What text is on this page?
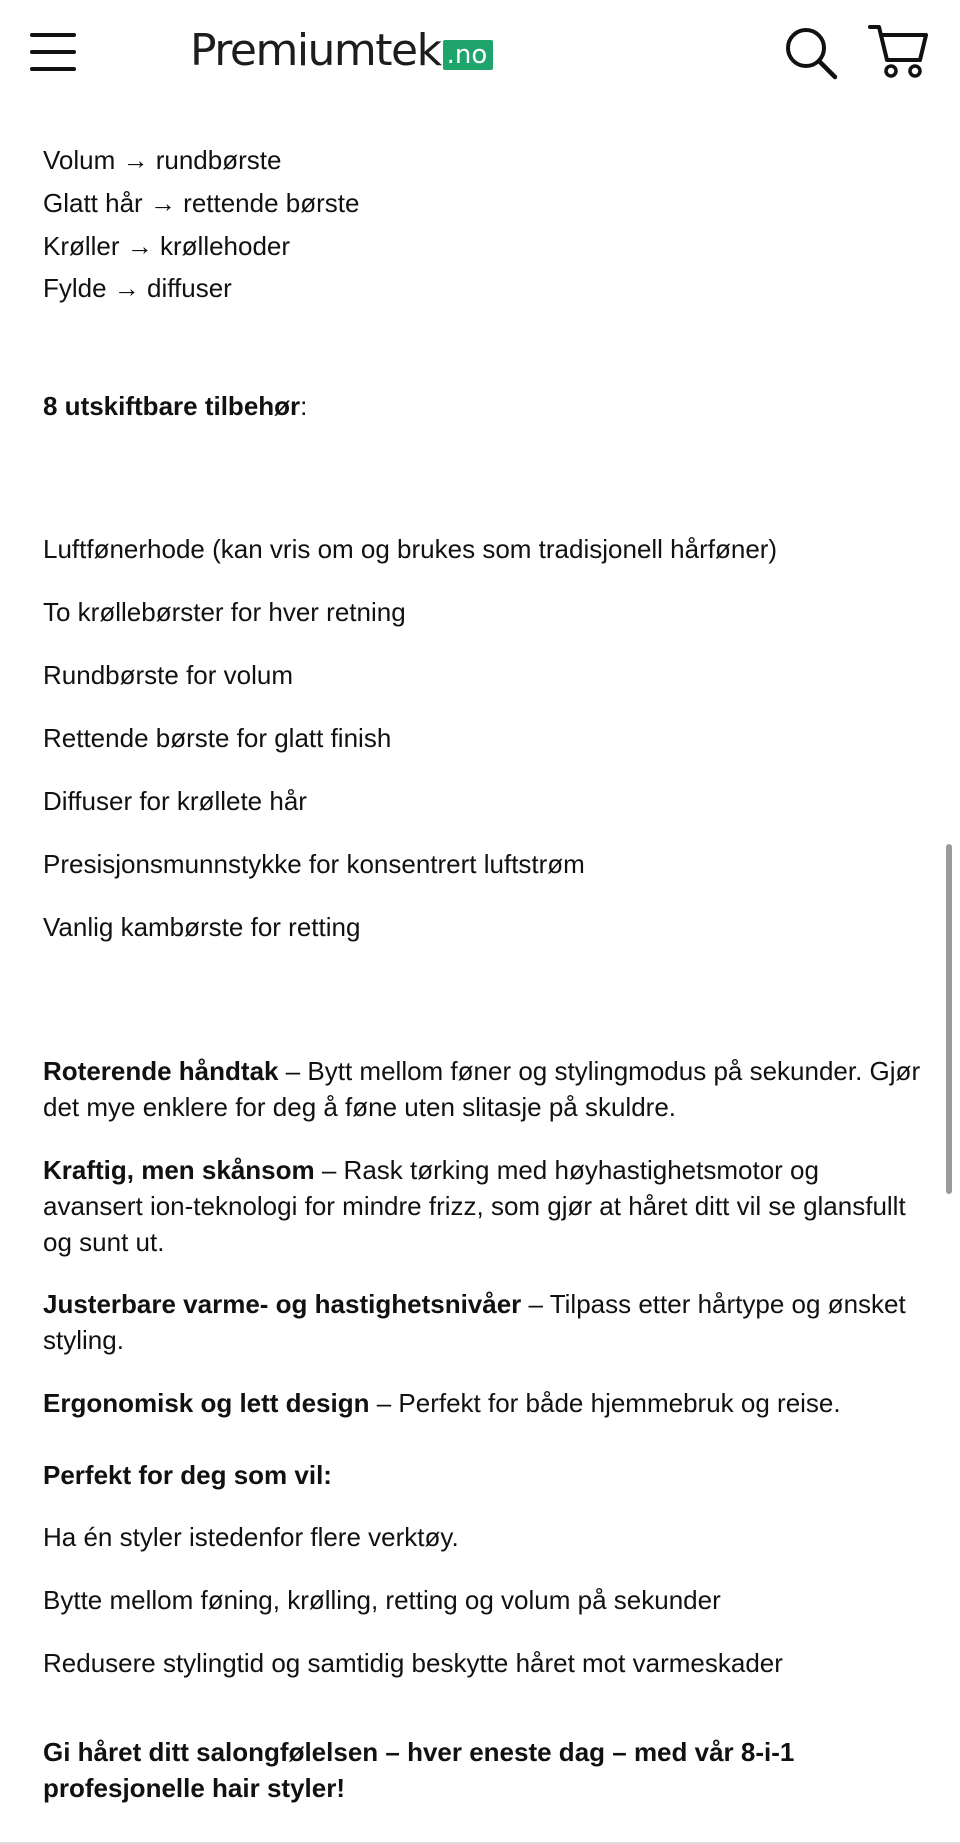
Premiumtek .no
Volum → rundbørste
Glatt hår → rettende børste
Krøller → krøllehoder
Fylde → diffuser
8 utskiftbare tilbehør:
Luftfønerhode (kan vris om og brukes som tradisjonell hårføner)
To krøllebørster for hver retning
Rundbørste for volum
Rettende børste for glatt finish
Diffuser for krøllete hår
Presisjonsmunnstykke for konsentrert luftstrøm
Vanlig kambørste for retting
Roterende håndtak – Bytt mellom føner og stylingmodus på sekunder. Gjør det mye enklere for deg å føne uten slitasje på skuldre.
Kraftig, men skånsom – Rask tørking med høyhastighetsmotor og avansert ion-teknologi for mindre frizz, som gjør at håret ditt vil se glansfullt og sunt ut.
Justerbare varme- og hastighetsnivåer – Tilpass etter hårtype og ønsket styling.
Ergonomisk og lett design – Perfekt for både hjemmebruk og reise.
Perfekt for deg som vil:
Ha én styler istedenfor flere verktøy.
Bytte mellom føning, krølling, retting og volum på sekunder
Redusere stylingtid og samtidig beskytte håret mot varmeskader
Gi håret ditt salongfølelsen – hver eneste dag – med vår 8-i-1 profesjonelle hair styler!
